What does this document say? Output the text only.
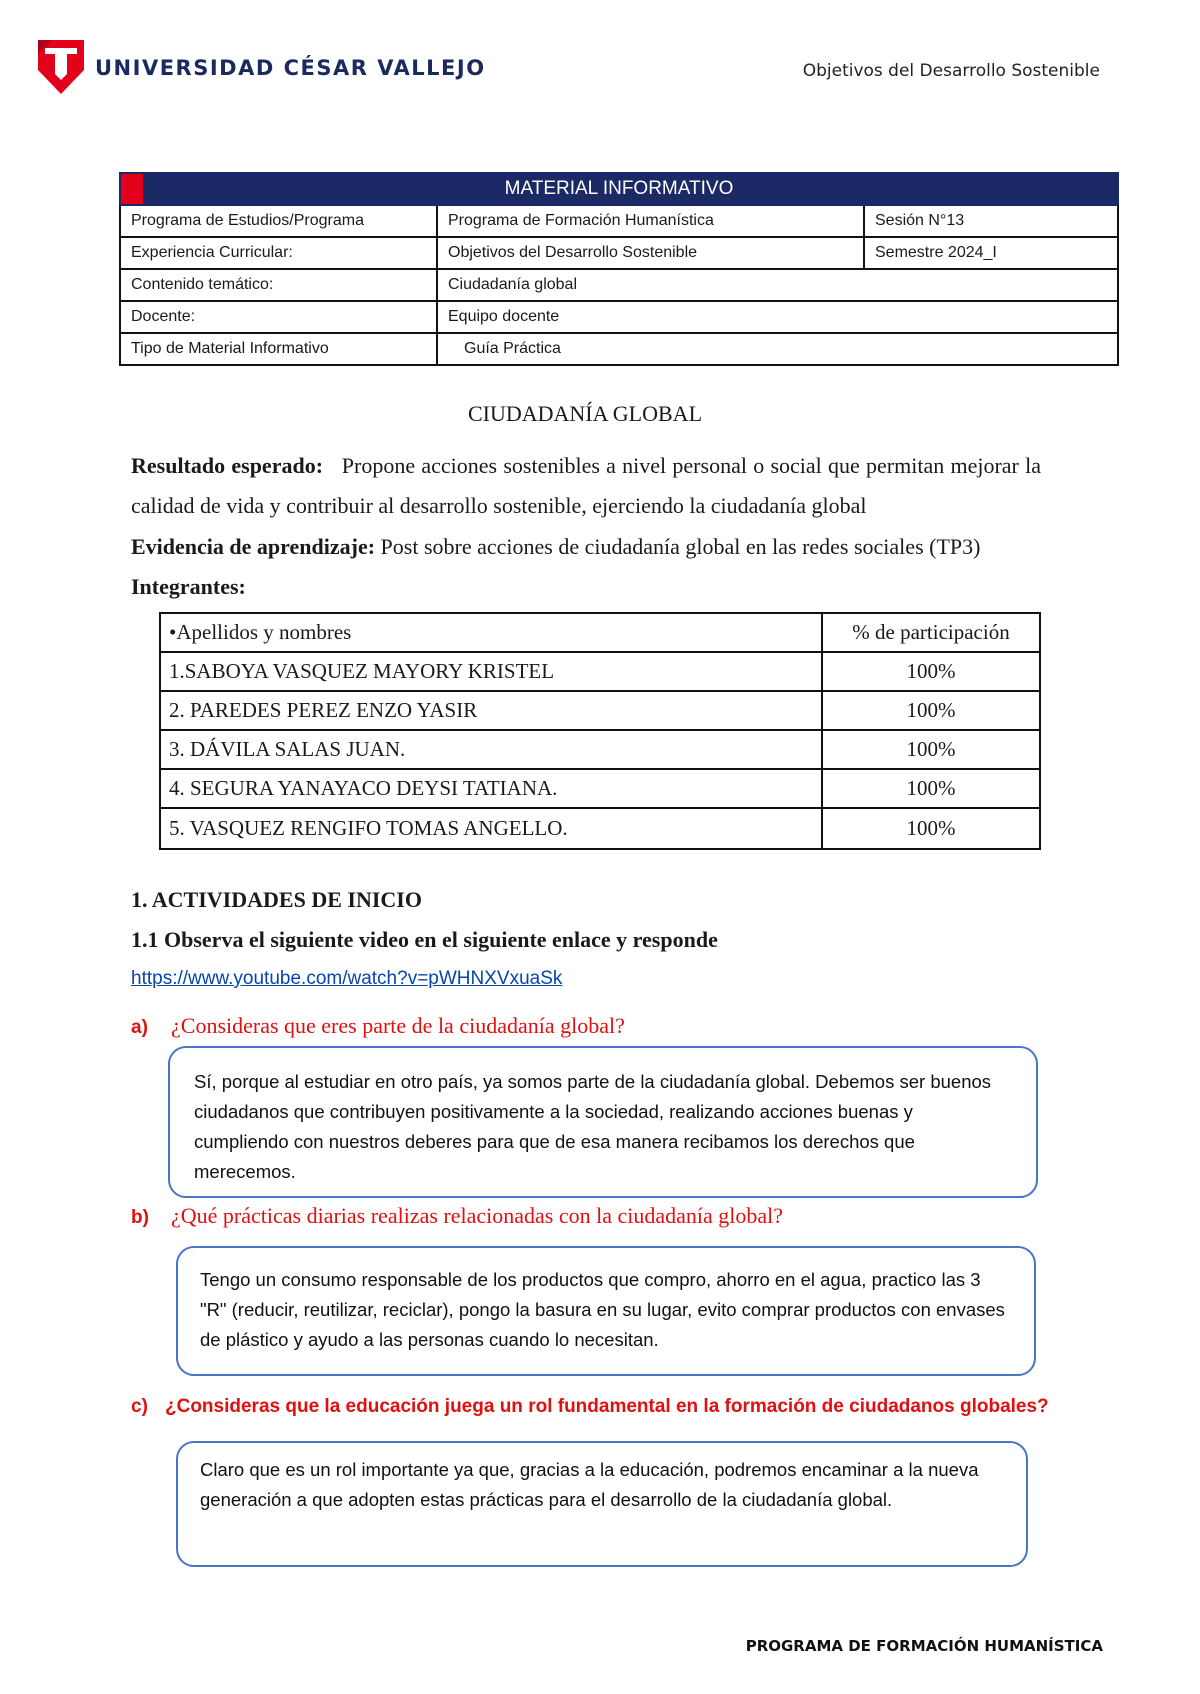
UNIVERSIDAD CÉSAR VALLEJO	Objetivos del Desarrollo Sostenible
MATERIAL INFORMATIVO		
Programa de Estudios/Programa	Programa de Formación Humanística	Sesión N°13
Experiencia Curricular:	Objetivos del Desarrollo Sostenible	Semestre 2024_I
Contenido temático:	Ciudadanía global	
Docente:	Equipo docente	
Tipo de Material Informativo	Guía Práctica	
CIUDADANÍA GLOBAL
Resultado esperado: Propone acciones sostenibles a nivel personal o social que permitan mejorar la calidad de vida y contribuir al desarrollo sostenible, ejerciendo la ciudadanía global
Evidencia de aprendizaje: Post sobre acciones de ciudadanía global en las redes sociales (TP3)
Integrantes:
•Apellidos y nombres	% de participación
1.SABOYA VASQUEZ MAYORY KRISTEL	100%
2. PAREDES PEREZ ENZO YASIR	100%
3. DÁVILA SALAS JUAN.	100%
4. SEGURA YANAYACO DEYSI TATIANA.	100%
5. VASQUEZ RENGIFO TOMAS ANGELLO.	100%
1. ACTIVIDADES DE INICIO
1.1 Observa el siguiente video en el siguiente enlace y responde
https://www.youtube.com/watch?v=pWHNXVxuaSk
a) ¿Consideras que eres parte de la ciudadanía global?
Sí, porque al estudiar en otro país, ya somos parte de la ciudadanía global. Debemos ser buenos ciudadanos que contribuyen positivamente a la sociedad, realizando acciones buenas y cumpliendo con nuestros deberes para que de esa manera recibamos los derechos que merecemos.
b) ¿Qué prácticas diarias realizas relacionadas con la ciudadanía global?
Tengo un consumo responsable de los productos que compro, ahorro en el agua, practico las 3 "R" (reducir, reutilizar, reciclar), pongo la basura en su lugar, evito comprar productos con envases de plástico y ayudo a las personas cuando lo necesitan.
c) ¿Consideras que la educación juega un rol fundamental en la formación de ciudadanos globales?
Claro que es un rol importante ya que, gracias a la educación, podremos encaminar a la nueva generación a que adopten estas prácticas para el desarrollo de la ciudadanía global.
PROGRAMA DE FORMACIÓN HUMANÍSTICA
